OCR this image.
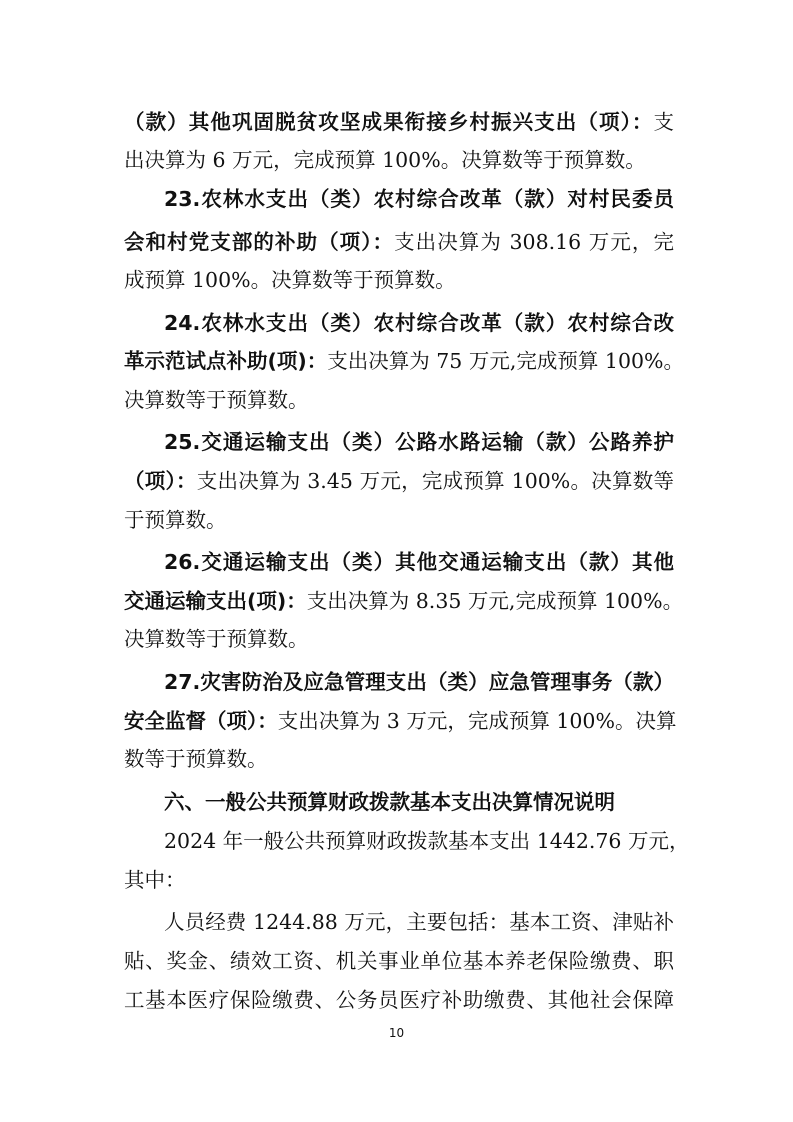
（款）其他巩固脱贫攻坚成果衔接乡村振兴支出（项）：支
出决算为 6 万元，完成预算 100%。决算数等于预算数。
23.农林水支出（类）农村综合改革（款）对村民委员
会和村党支部的补助（项）：支出决算为 308.16 万元，完
成预算 100%。决算数等于预算数。
24.农林水支出（类）农村综合改革（款）农村综合改
革示范试点补助(项)：支出决算为 75 万元,完成预算 100%。
决算数等于预算数。
25.交通运输支出（类）公路水路运输（款）公路养护
（项）：支出决算为 3.45 万元，完成预算 100%。决算数等
于预算数。
26.交通运输支出（类）其他交通运输支出（款）其他
交通运输支出(项)：支出决算为 8.35 万元,完成预算 100%。
决算数等于预算数。
27.灾害防治及应急管理支出（类）应急管理事务（款）
安全监督（项）：支出决算为 3 万元，完成预算 100%。决算
数等于预算数。
六、一般公共预算财政拨款基本支出决算情况说明
2024 年一般公共预算财政拨款基本支出 1442.76 万元，
其中：
人员经费 1244.88 万元，主要包括：基本工资、津贴补
贴、奖金、绩效工资、机关事业单位基本养老保险缴费、职
工基本医疗保险缴费、公务员医疗补助缴费、其他社会保障
10
